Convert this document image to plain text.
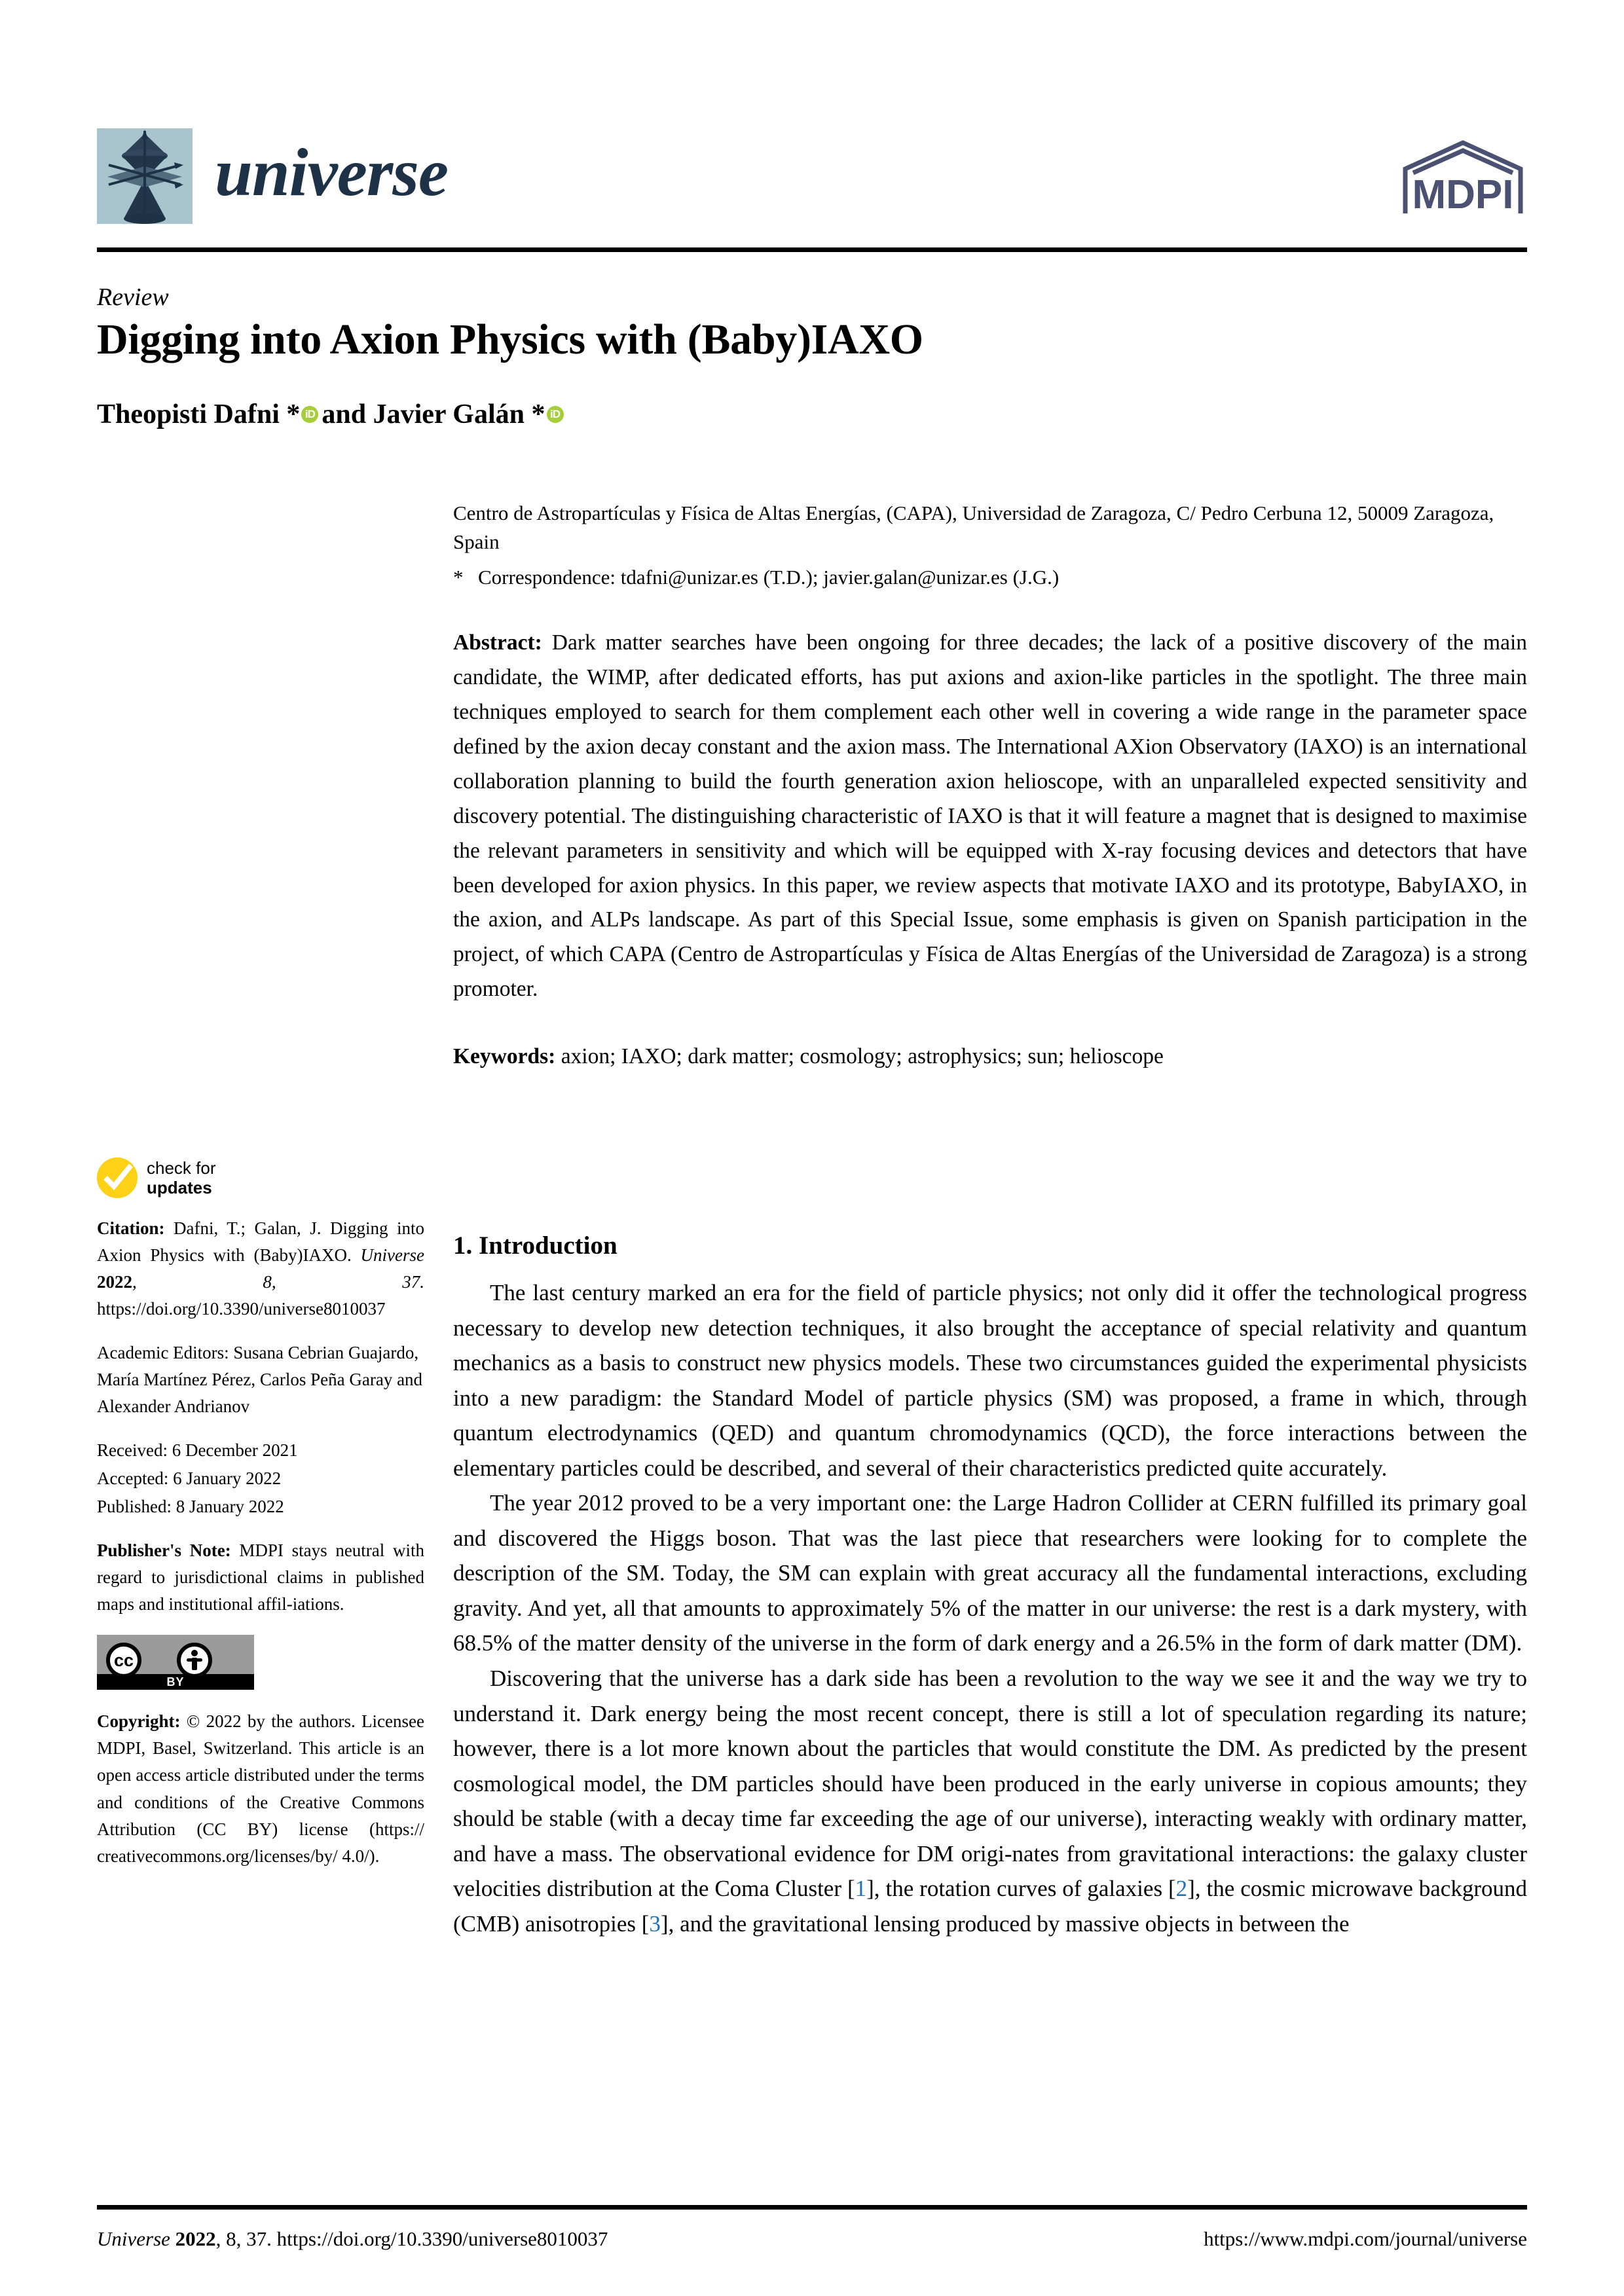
universe	MDPI
Review
Digging into Axion Physics with (Baby)IAXO
Theopisti Dafni * iD and Javier Galán * iD
Centro de Astropartículas y Física de Altas Energías, (CAPA), Universidad de Zaragoza, C/ Pedro Cerbuna 12, 50009 Zaragoza, Spain
* Correspondence: tdafni@unizar.es (T.D.); javier.galan@unizar.es (J.G.)
Abstract: Dark matter searches have been ongoing for three decades; the lack of a positive discovery of the main candidate, the WIMP, after dedicated efforts, has put axions and axion-like particles in the spotlight. The three main techniques employed to search for them complement each other well in covering a wide range in the parameter space defined by the axion decay constant and the axion mass. The International AXion Observatory (IAXO) is an international collaboration planning to build the fourth generation axion helioscope, with an unparalleled expected sensitivity and discovery potential. The distinguishing characteristic of IAXO is that it will feature a magnet that is designed to maximise the relevant parameters in sensitivity and which will be equipped with X-ray focusing devices and detectors that have been developed for axion physics. In this paper, we review aspects that motivate IAXO and its prototype, BabyIAXO, in the axion, and ALPs landscape. As part of this Special Issue, some emphasis is given on Spanish participation in the project, of which CAPA (Centro de Astropartículas y Física de Altas Energías of the Universidad de Zaragoza) is a strong promoter.
Keywords: axion; IAXO; dark matter; cosmology; astrophysics; sun; helioscope
1. Introduction

The last century marked an era for the field of particle physics; not only did it offer the technological progress necessary to develop new detection techniques, it also brought the acceptance of special relativity and quantum mechanics as a basis to construct new physics models. These two circumstances guided the experimental physicists into a new paradigm: the Standard Model of particle physics (SM) was proposed, a frame in which, through quantum electrodynamics (QED) and quantum chromodynamics (QCD), the force interactions between the elementary particles could be described, and several of their characteristics predicted quite accurately.

The year 2012 proved to be a very important one: the Large Hadron Collider at CERN fulfilled its primary goal and discovered the Higgs boson. That was the last piece that researchers were looking for to complete the description of the SM. Today, the SM can explain with great accuracy all the fundamental interactions, excluding gravity. And yet, all that amounts to approximately 5% of the matter in our universe: the rest is a dark mystery, with 68.5% of the matter density of the universe in the form of dark energy and a 26.5% in the form of dark matter (DM).

Discovering that the universe has a dark side has been a revolution to the way we see it and the way we try to understand it. Dark energy being the most recent concept, there is still a lot of speculation regarding its nature; however, there is a lot more known about the particles that would constitute the DM. As predicted by the present cosmological model, the DM particles should have been produced in the early universe in copious amounts; they should be stable (with a decay time far exceeding the age of our universe), interacting weakly with ordinary matter, and have a mass. The observational evidence for DM origi-nates from gravitational interactions: the galaxy cluster velocities distribution at the Coma Cluster [1], the rotation curves of galaxies [2], the cosmic microwave background (CMB) anisotropies [3], and the gravitational lensing produced by massive objects in between the

check for
updates

Citation: Dafni, T.; Galan, J. Digging into Axion Physics with (Baby)IAXO. Universe 2022, 8, 37. https://doi.org/10.3390/universe8010037

Academic Editors: Susana Cebrian Guajardo, María Martínez Pérez, Carlos Peña Garay and Alexander Andrianov

Received: 6 December 2021

Accepted: 6 January 2022

Published: 8 January 2022

Publisher's Note: MDPI stays neutral with regard to jurisdictional claims in published maps and institutional affil-iations.

cc
BY

Copyright: © 2022 by the authors. Licensee MDPI, Basel, Switzerland. This article is an open access article distributed under the terms and conditions of the Creative Commons Attribution (CC BY) license (https:// creativecommons.org/licenses/by/ 4.0/).

Universe 2022, 8, 37. https://doi.org/10.3390/universe8010037	https://www.mdpi.com/journal/universe
